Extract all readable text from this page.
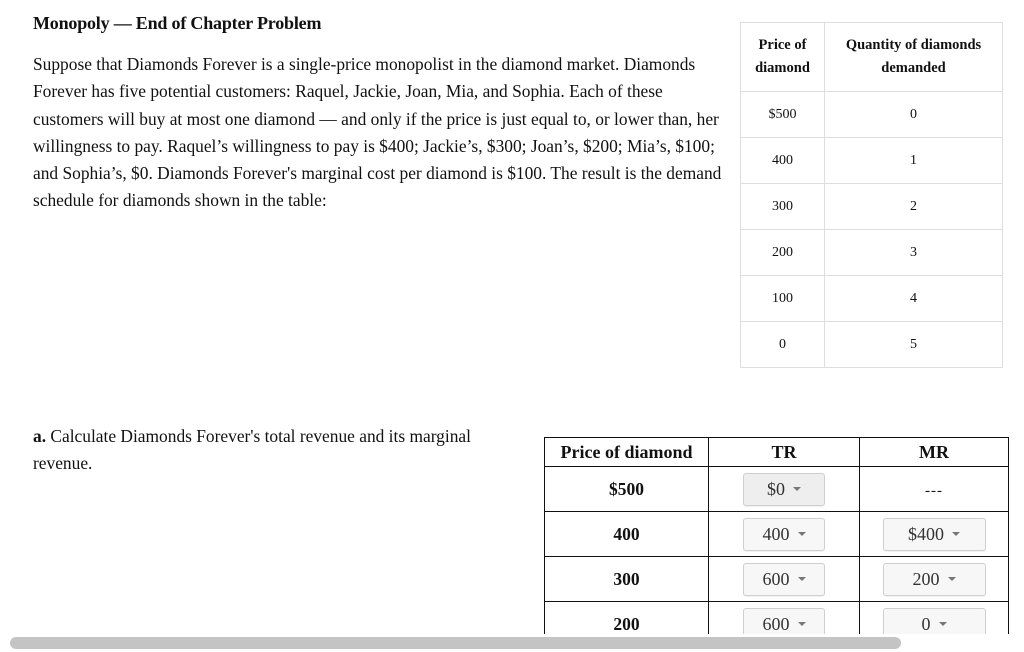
Monopoly — End of Chapter Problem

Suppose that Diamonds Forever is a single-price monopolist in the diamond market. Diamonds Forever has five potential customers: Raquel, Jackie, Joan, Mia, and Sophia. Each of these customers will buy at most one diamond — and only if the price is just equal to, or lower than, her willingness to pay. Raquel’s willingness to pay is $400; Jackie’s, $300; Joan’s, $200; Mia’s, $100; and Sophia’s, $0. Diamonds Forever's marginal cost per diamond is $100. The result is the demand schedule for diamonds shown in the table:

Price of diamond	Quantity of diamonds demanded
$500	0
400	1
300	2
200	3
100	4
0	5

a. Calculate Diamonds Forever's total revenue and its marginal revenue.

Price of diamond	TR	MR
$500	$0	---
400	400	$400

300	600	200

200	600	0
